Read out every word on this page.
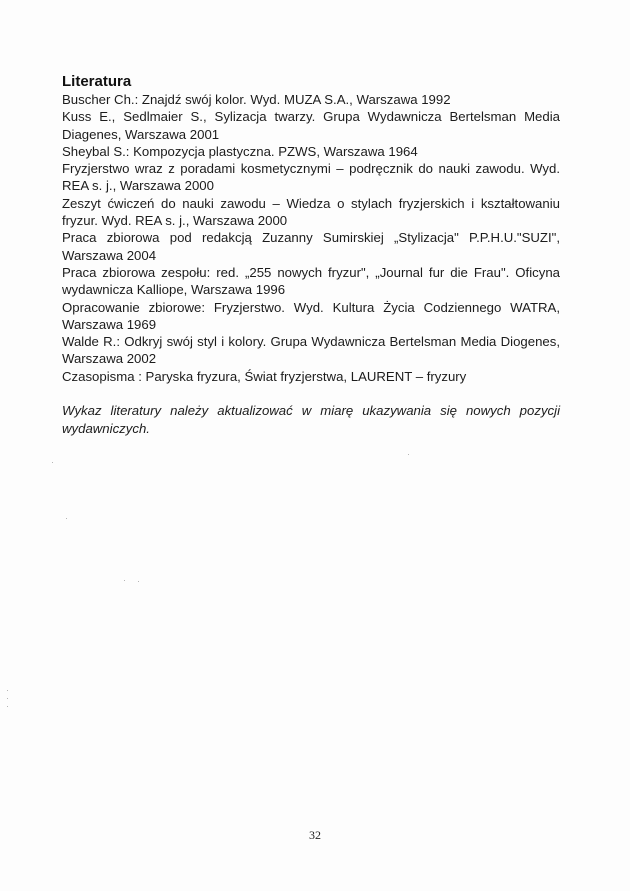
Literatura
Buscher Ch.: Znajdź swój kolor. Wyd. MUZA S.A., Warszawa 1992
Kuss E., Sedlmaier S., Sylizacja twarzy. Grupa Wydawnicza Bertelsman Media Diagenes, Warszawa 2001
Sheybal S.: Kompozycja plastyczna. PZWS, Warszawa 1964
Fryzjerstwo wraz z poradami kosmetycznymi – podręcznik do nauki zawodu. Wyd. REA s. j., Warszawa 2000
Zeszyt ćwiczeń do nauki zawodu – Wiedza o stylach fryzjerskich i kształtowaniu fryzur. Wyd. REA s. j., Warszawa 2000
Praca zbiorowa pod redakcją Zuzanny Sumirskiej „Stylizacja" P.P.H.U."SUZI", Warszawa 2004
Praca zbiorowa zespołu: red. „255 nowych fryzur", „Journal fur die Frau". Oficyna wydawnicza Kalliope, Warszawa 1996
Opracowanie zbiorowe: Fryzjerstwo. Wyd. Kultura Życia Codziennego WATRA, Warszawa 1969
Walde R.: Odkryj swój styl i kolory. Grupa Wydawnicza Bertelsman Media Diogenes, Warszawa 2002
Czasopisma : Paryska fryzura, Świat fryzjerstwa, LAURENT – fryzury

Wykaz literatury należy aktualizować w miarę ukazywania się nowych pozycji wydawniczych.

32
